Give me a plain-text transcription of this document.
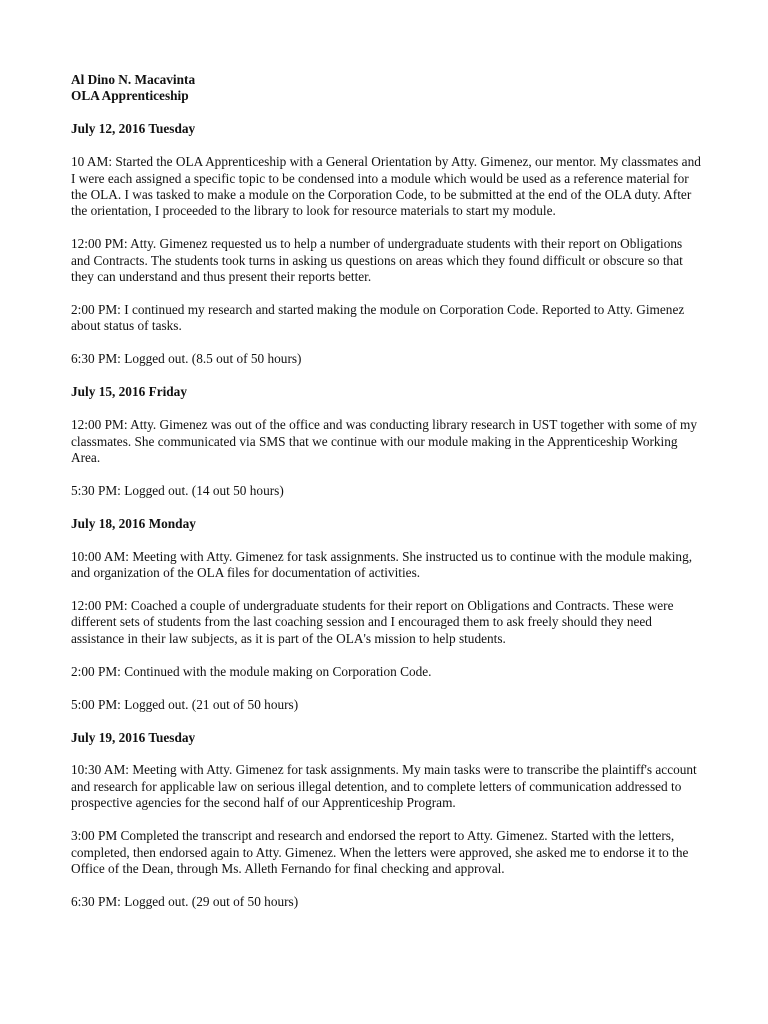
Al Dino N. Macavinta
OLA Apprenticeship

July 12, 2016 Tuesday

10 AM: Started the OLA Apprenticeship with a General Orientation by Atty. Gimenez, our mentor. My classmates and I were each assigned a specific topic to be condensed into a module which would be used as a reference material for the OLA. I was tasked to make a module on the Corporation Code, to be submitted at the end of the OLA duty. After the orientation, I proceeded to the library to look for resource materials to start my module.

12:00 PM: Atty. Gimenez requested us to help a number of undergraduate students with their report on Obligations and Contracts. The students took turns in asking us questions on areas which they found difficult or obscure so that they can understand and thus present their reports better.

2:00 PM: I continued my research and started making the module on Corporation Code. Reported to Atty. Gimenez about status of tasks.

6:30 PM: Logged out. (8.5 out of 50 hours)

July 15, 2016 Friday

12:00 PM: Atty. Gimenez was out of the office and was conducting library research in UST together with some of my classmates. She communicated via SMS that we continue with our module making in the Apprenticeship Working Area.

5:30 PM: Logged out. (14 out 50 hours)

July 18, 2016 Monday

10:00 AM: Meeting with Atty. Gimenez for task assignments. She instructed us to continue with the module making, and organization of the OLA files for documentation of activities.

12:00 PM: Coached a couple of undergraduate students for their report on Obligations and Contracts. These were different sets of students from the last coaching session and I encouraged them to ask freely should they need assistance in their law subjects, as it is part of the OLA's mission to help students.

2:00 PM: Continued with the module making on Corporation Code.

5:00 PM: Logged out. (21 out of 50 hours)

July 19, 2016 Tuesday

10:30 AM: Meeting with Atty. Gimenez for task assignments. My main tasks were to transcribe the plaintiff's account and research for applicable law on serious illegal detention, and to complete letters of communication addressed to prospective agencies for the second half of our Apprenticeship Program.

3:00 PM Completed the transcript and research and endorsed the report to Atty. Gimenez. Started with the letters, completed, then endorsed again to Atty. Gimenez. When the letters were approved, she asked me to endorse it to the Office of the Dean, through Ms. Alleth Fernando for final checking and approval.

6:30 PM: Logged out. (29 out of 50 hours)
